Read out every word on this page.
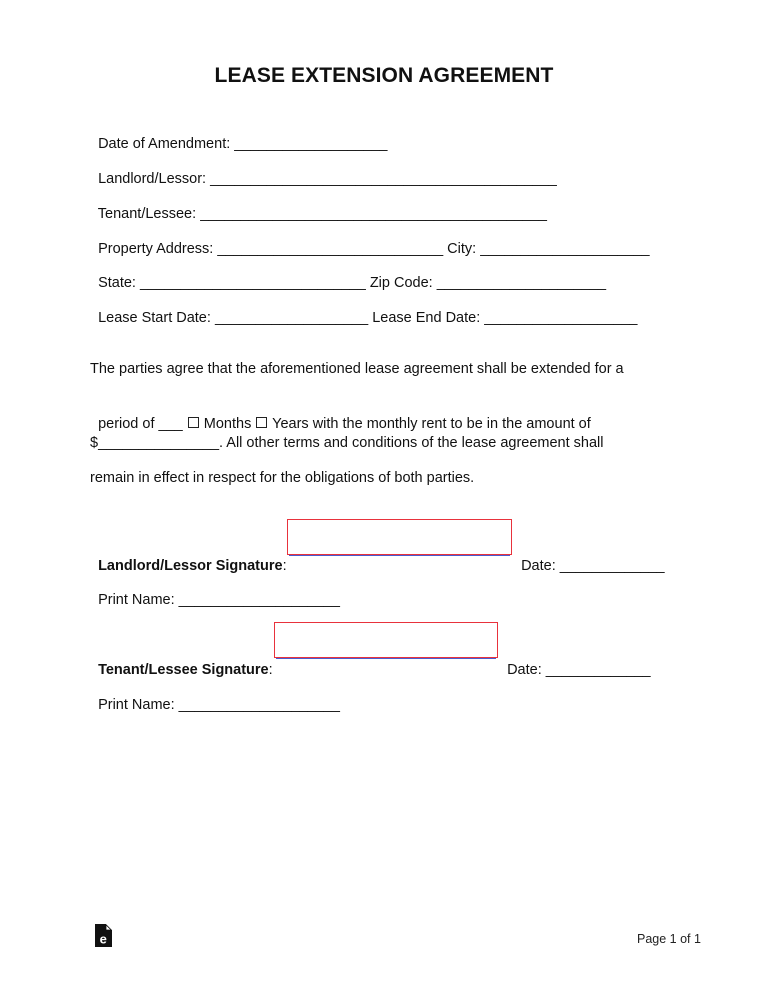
LEASE EXTENSION AGREEMENT

Date of Amendment: ___________________

Landlord/Lessor: ___________________________________________

Tenant/Lessee: ___________________________________________

Property Address: ____________________________ City: _____________________

State: ____________________________ Zip Code: _____________________

Lease Start Date: ___________________ Lease End Date: ___________________

The parties agree that the aforementioned lease agreement shall be extended for a

period of ___  Months  Years with the monthly rent to be in the amount of

$_______________. All other terms and conditions of the lease agreement shall
remain in effect in respect for the obligations of both parties.

Landlord/Lessor Signature:	Date: _____________

Print Name: ____________________

Tenant/Lessee Signature:	Date: _____________

Print Name: ____________________

e	Page 1 of 1
